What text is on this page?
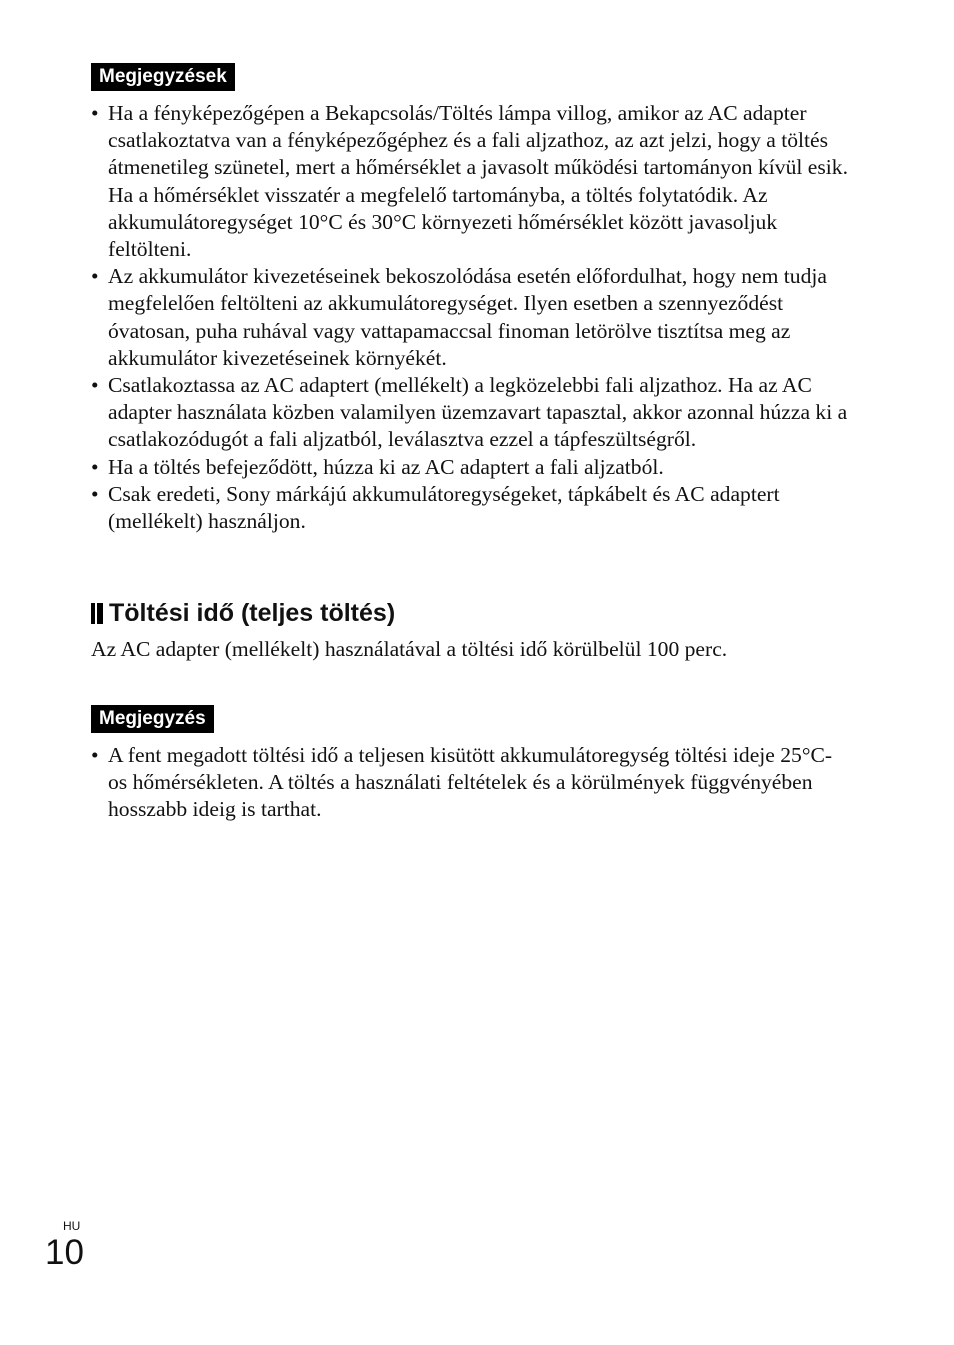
Megjegyzések
• Ha a fényképezőgépen a Bekapcsolás/Töltés lámpa villog, amikor az AC adapter csatlakoztatva van a fényképezőgéphez és a fali aljzathoz, az azt jelzi, hogy a töltés átmenetileg szünetel, mert a hőmérséklet a javasolt működési tartományon kívül esik. Ha a hőmérséklet visszatér a megfelelő tartományba, a töltés folytatódik. Az akkumulátoregységet 10°C és 30°C környezeti hőmérséklet között javasoljuk feltölteni.
• Az akkumulátor kivezetéseinek bekoszolódása esetén előfordulhat, hogy nem tudja megfelelően feltölteni az akkumulátoregységet. Ilyen esetben a szennyeződést óvatosan, puha ruhával vagy vattapamaccsal finoman letörölve tisztítsa meg az akkumulátor kivezetéseinek környékét.
• Csatlakoztassa az AC adaptert (mellékelt) a legközelebbi fali aljzathoz. Ha az AC adapter használata közben valamilyen üzemzavart tapasztal, akkor azonnal húzza ki a csatlakozódugót a fali aljzatból, leválasztva ezzel a tápfeszültségről.
• Ha a töltés befejeződött, húzza ki az AC adaptert a fali aljzatból.
• Csak eredeti, Sony márkájú akkumulátoregységeket, tápkábelt és AC adaptert (mellékelt) használjon.
Töltési idő (teljes töltés)
Az AC adapter (mellékelt) használatával a töltési idő körülbelül 100 perc.
Megjegyzés
• A fent megadott töltési idő a teljesen kisütött akkumulátoregység töltési ideje 25°C-os hőmérsékleten. A töltés a használati feltételek és a körülmények függvényében hosszabb ideig is tarthat.
HU
10
